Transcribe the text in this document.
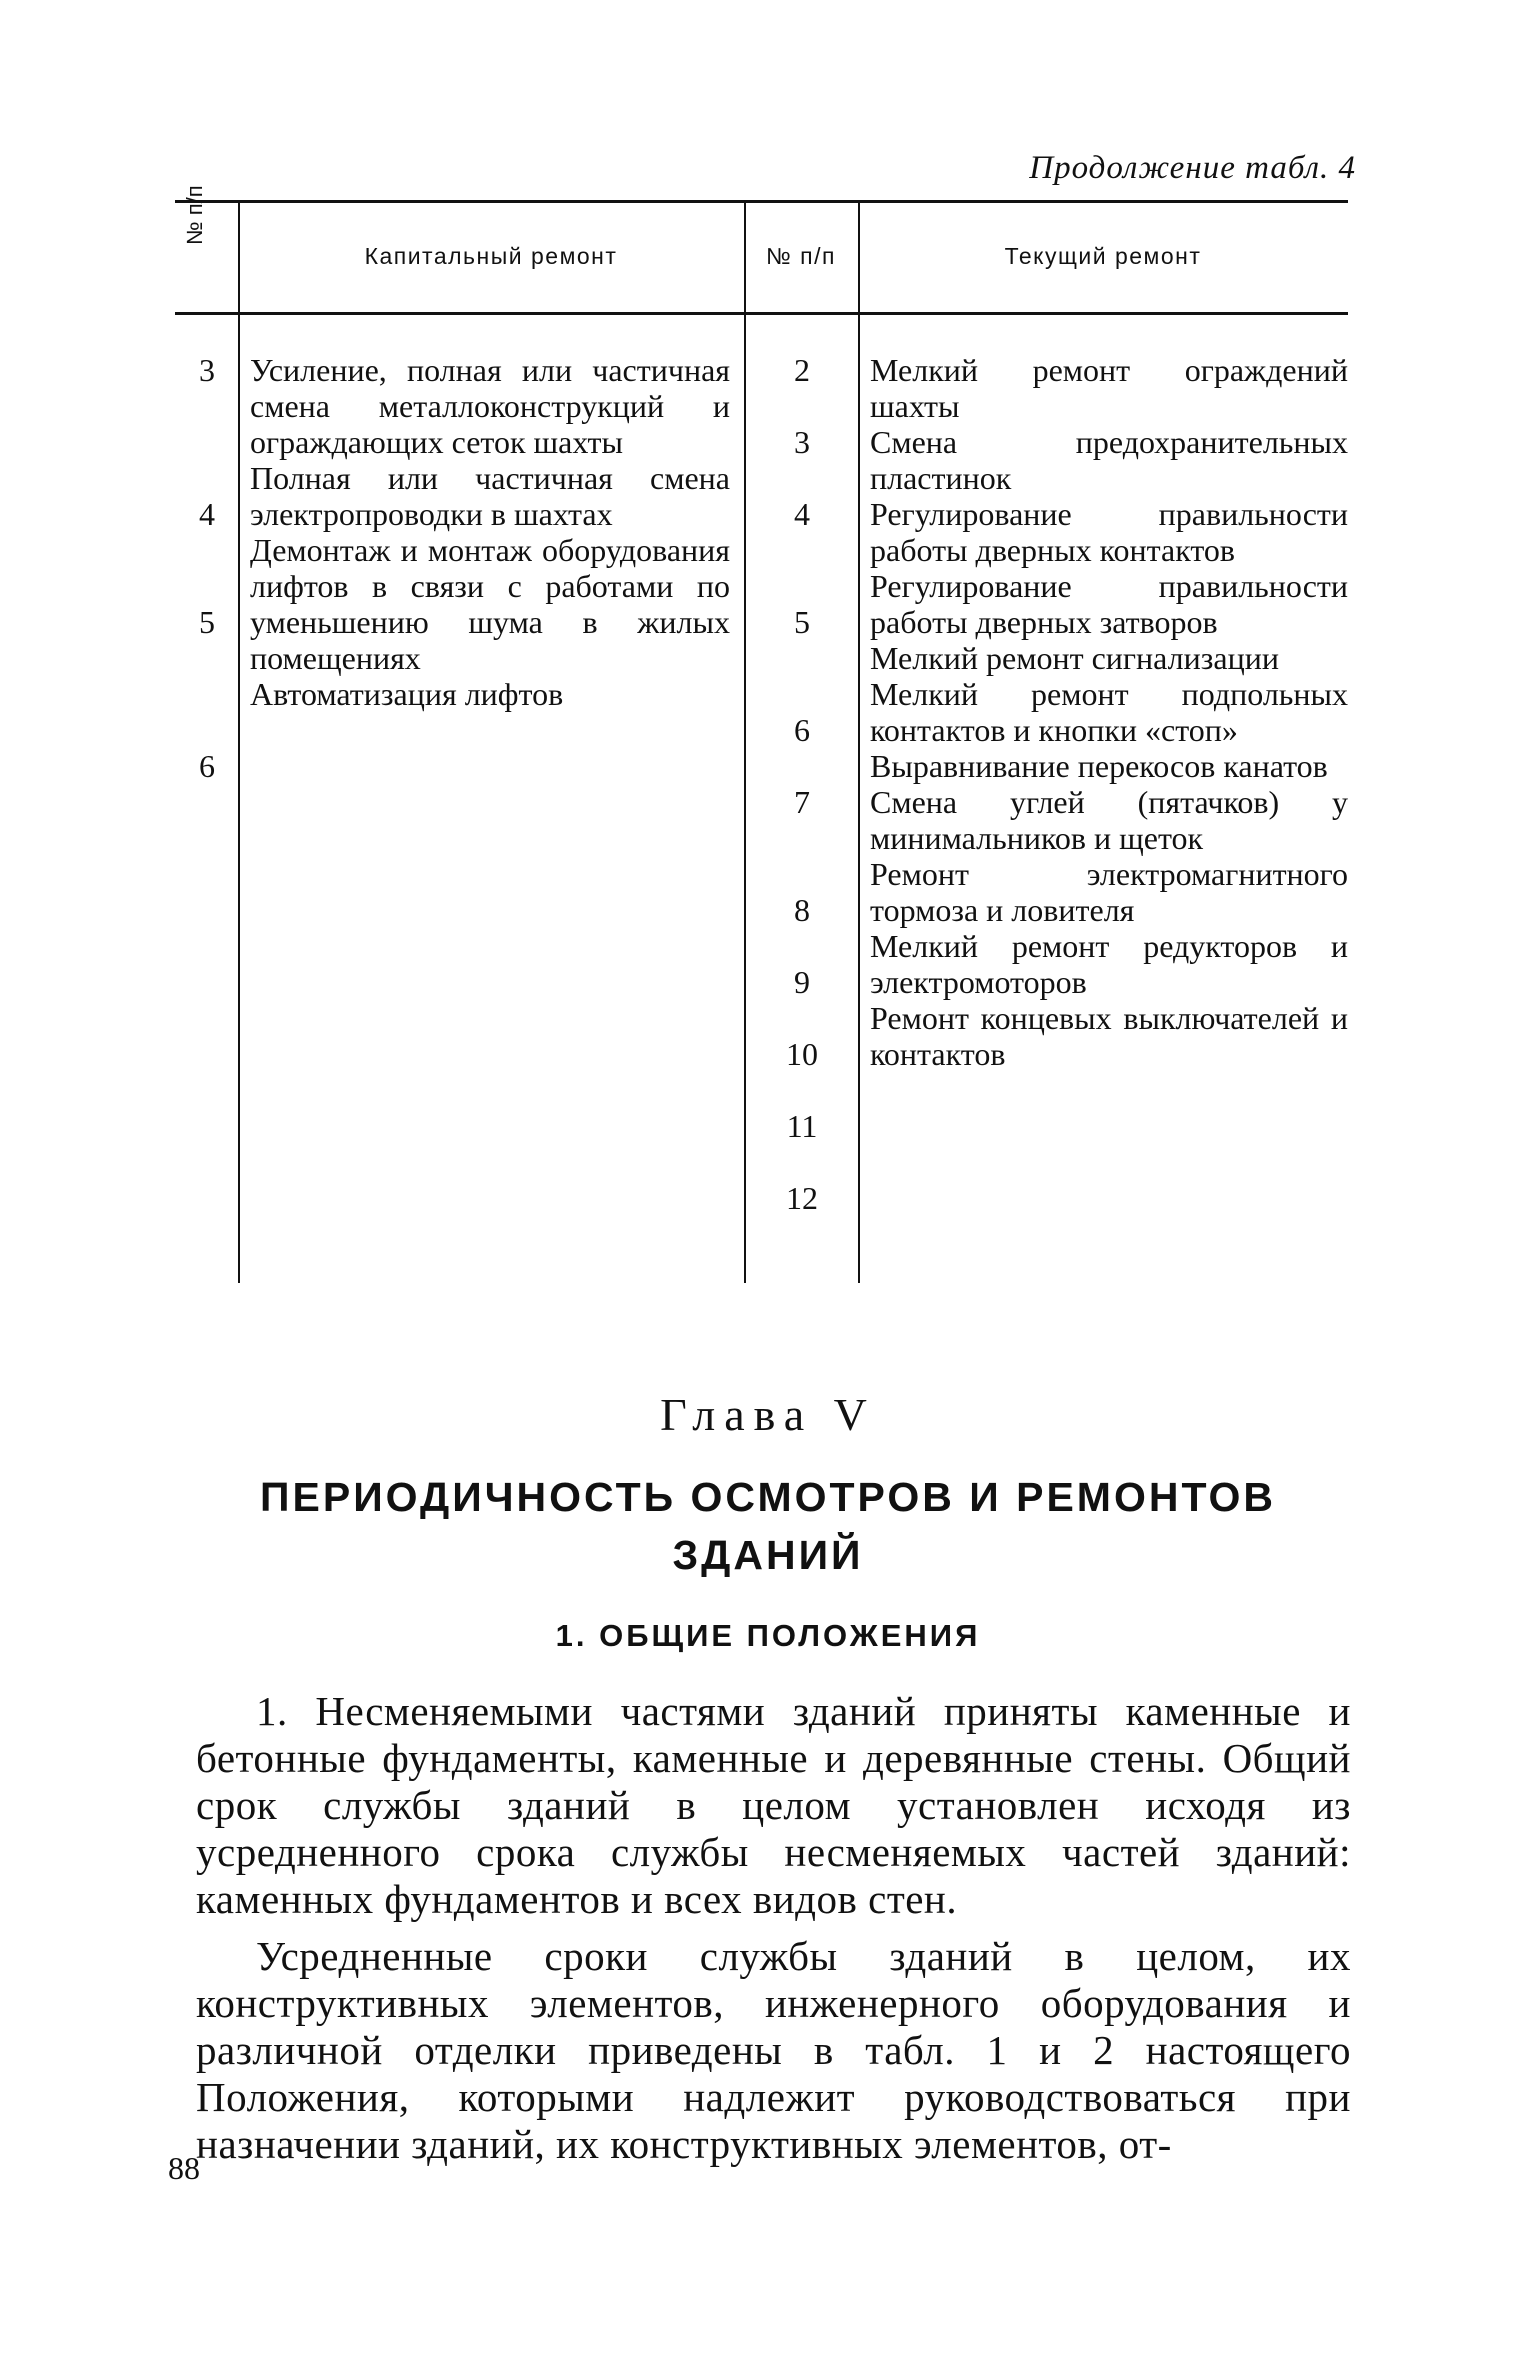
Продолжение табл. 4
№ п/п
Капитальный ремонт	№ п/п	Текущий ремонт
3
4
5
6
Усиление, полная или частичная смена металлоконструкций и ограждающих сеток шахты
Полная или частичная смена электропроводки в шахтах
Демонтаж и монтаж оборудования лифтов в связи с работами по уменьшению шума в жилых помещениях
Автоматизация лифтов
2
3
4
5
6
7
8
9
10
11
12
Мелкий ремонт ограждений шахты
Смена предохранительных пластинок
Регулирование правильности работы дверных контактов
Регулирование правильности работы дверных затворов
Мелкий ремонт сигнализации
Мелкий ремонт подпольных контактов и кнопки «стоп»
Выравнивание перекосов канатов
Смена углей (пятачков) у минимальников и щеток
Ремонт электромагнитного тормоза и ловителя
Мелкий ремонт редукторов и электромоторов
Ремонт концевых выключателей и контактов
Глава V
ПЕРИОДИЧНОСТЬ ОСМОТРОВ И РЕМОНТОВ
ЗДАНИЙ
1. ОБЩИЕ ПОЛОЖЕНИЯ

1. Несменяемыми частями зданий приняты каменные и бетонные фундаменты, каменные и деревянные стены. Общий срок службы зданий в целом установлен исходя из усредненного срока службы несменяемых частей зданий: каменных фундаментов и всех видов стен.

Усредненные сроки службы зданий в целом, их конструктивных элементов, инженерного оборудования и различной отделки приведены в табл. 1 и 2 настоящего Положения, которыми надлежит руководствоваться при назначении зданий, их конструктивных элементов, от-

88
